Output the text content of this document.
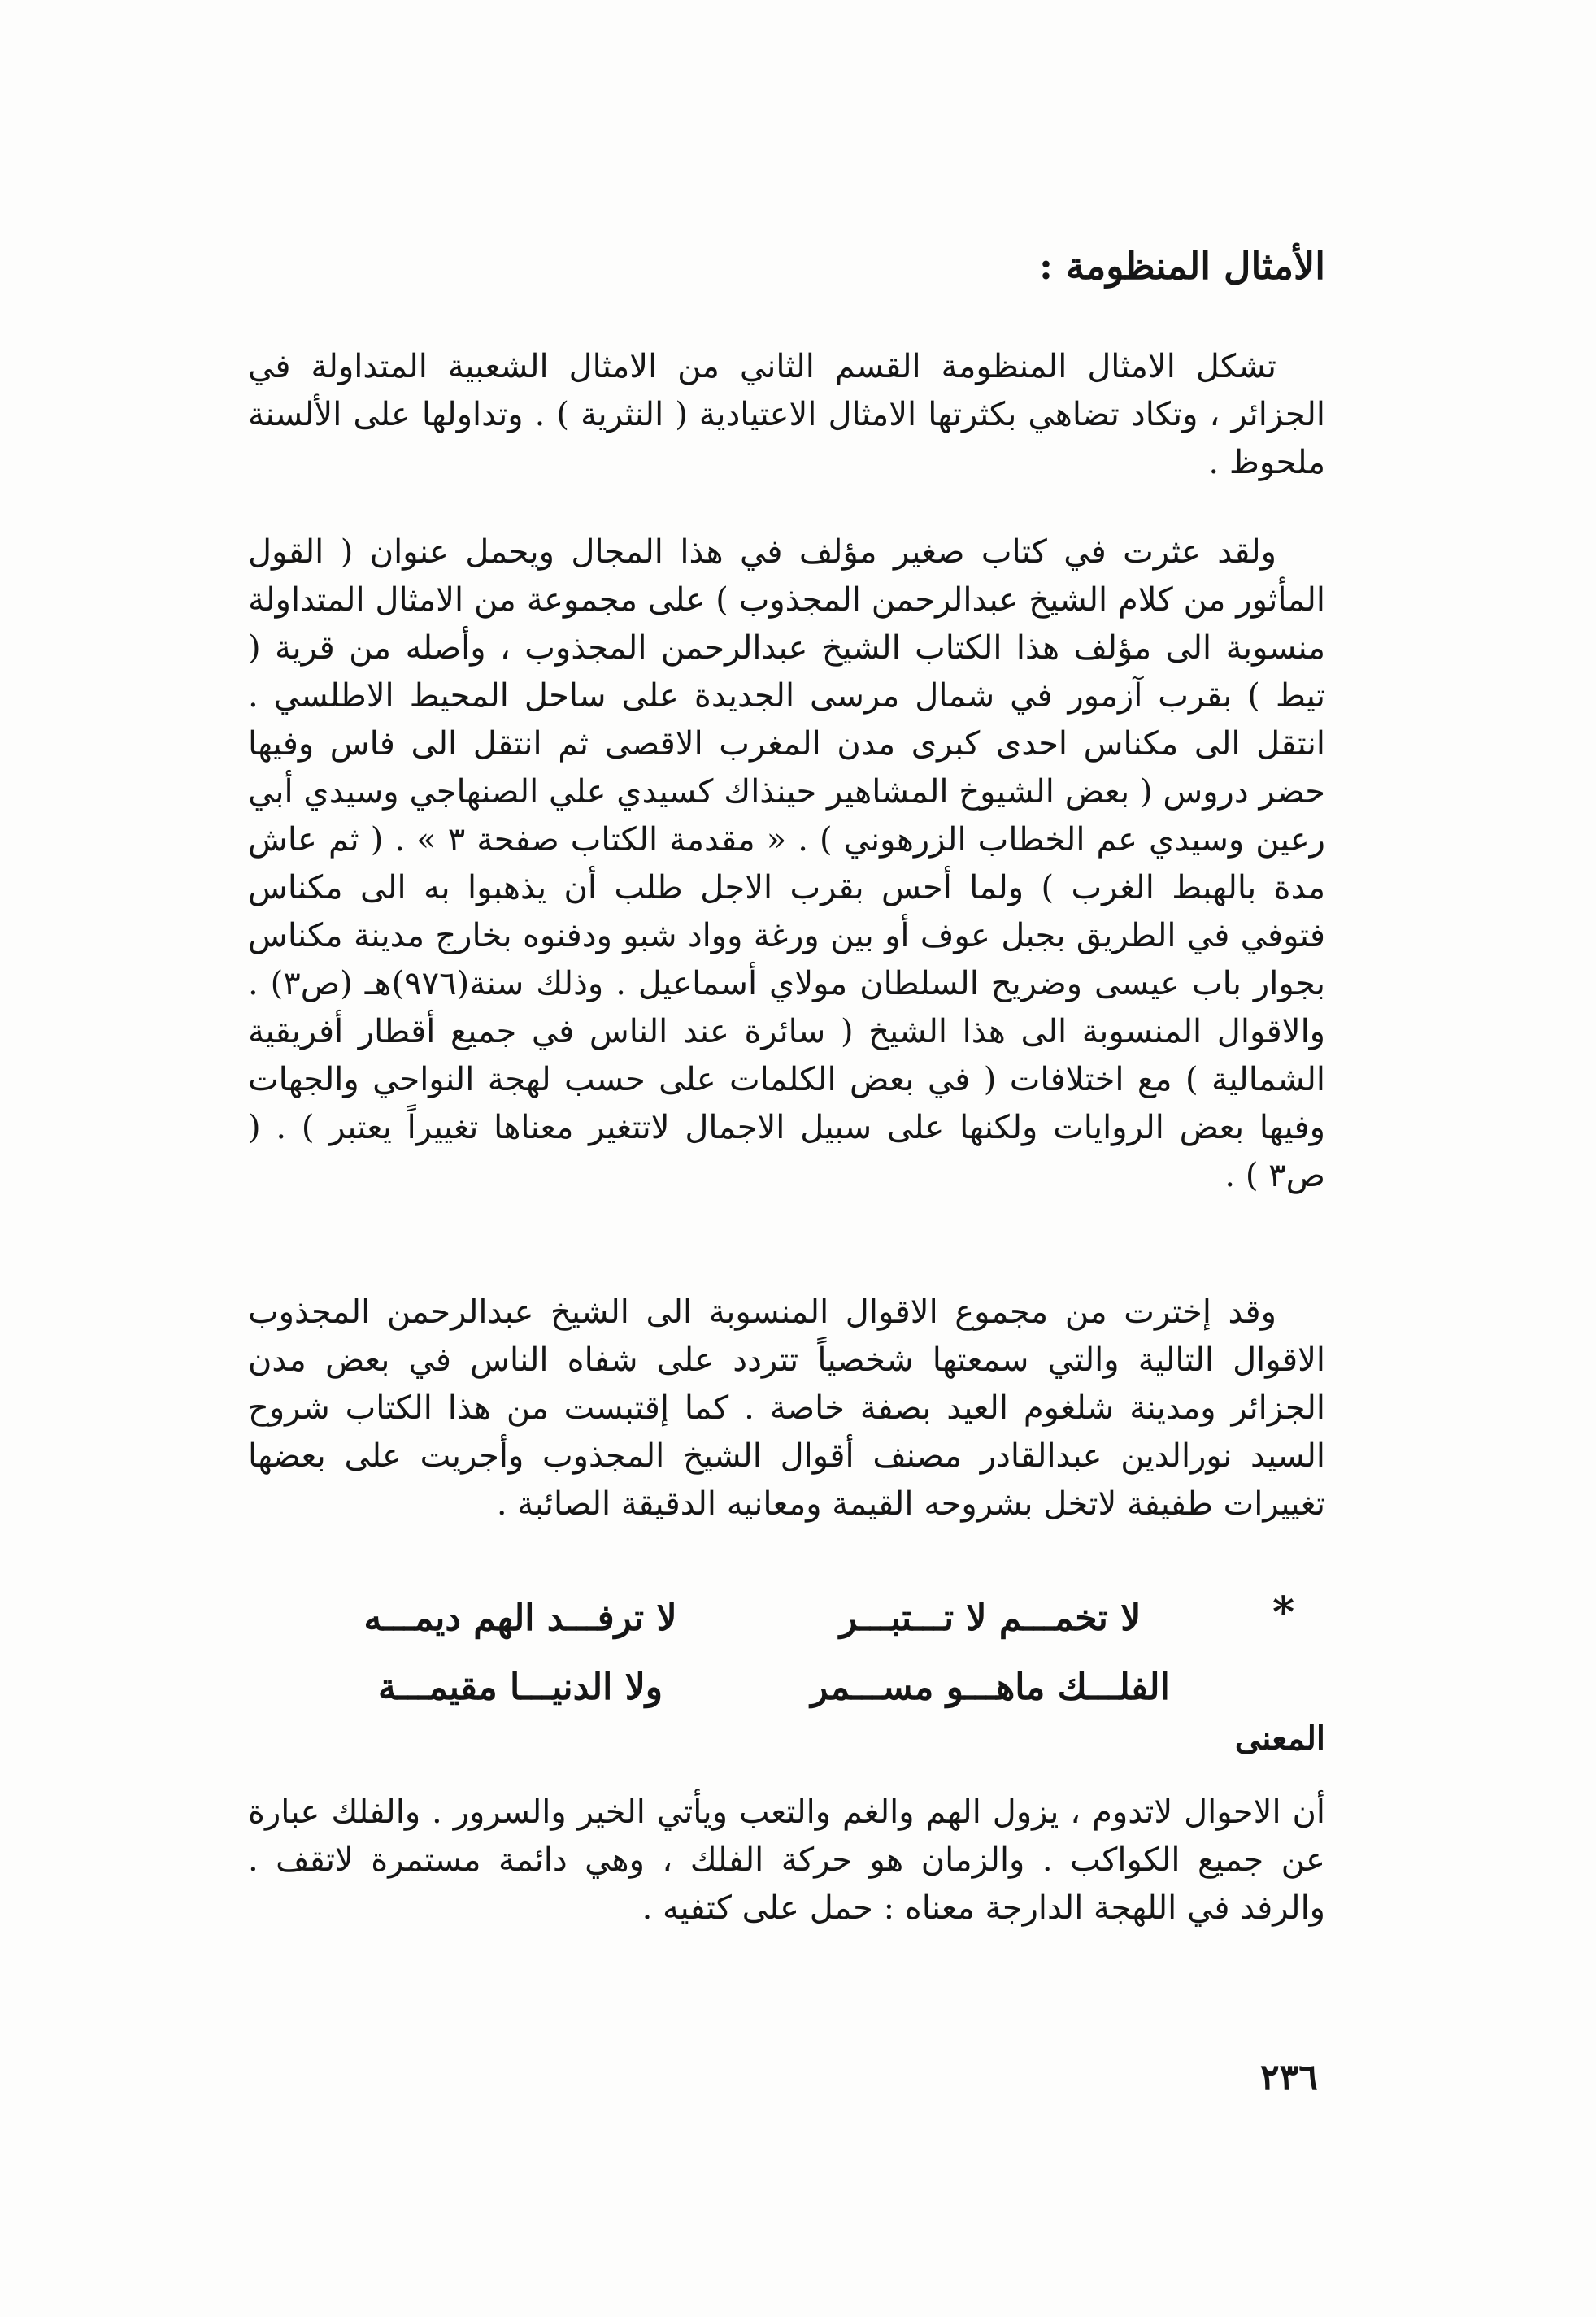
الأمثال المنظومة :

تشكل الامثال المنظومة القسم الثاني من الامثال الشعبية المتداولة في الجزائر ، وتكاد تضاهي بكثرتها الامثال الاعتيادية ( النثرية ) . وتداولها على الألسنة ملحوظ .

ولقد عثرت في كتاب صغير مؤلف في هذا المجال ويحمل عنوان ( القول المأثور من كلام الشيخ عبدالرحمن المجذوب ) على مجموعة من الامثال المتداولة منسوبة الى مؤلف هذا الكتاب الشيخ عبدالرحمن المجذوب ، وأصله من قرية ( تيط ) بقرب آزمور في شمال مرسى الجديدة على ساحل المحيط الاطلسي . انتقل الى مكناس احدى كبرى مدن المغرب الاقصى ثم انتقل الى فاس وفيها حضر دروس ( بعض الشيوخ المشاهير حينذاك كسيدي علي الصنهاجي وسيدي أبي رعين وسيدي عم الخطاب الزرهوني ) . « مقدمة الكتاب صفحة ٣ » . ( ثم عاش مدة بالهبط الغرب ) ولما أحس بقرب الاجل طلب أن يذهبوا به الى مكناس فتوفي في الطريق بجبل عوف أو بين ورغة وواد شبو ودفنوه بخارج مدينة مكناس بجوار باب عيسى وضريح السلطان مولاي أسماعيل . وذلك سنة(٩٧٦)هـ (ص٣) . والاقوال المنسوبة الى هذا الشيخ ( سائرة عند الناس في جميع أقطار أفريقية الشمالية ) مع اختلافات ( في بعض الكلمات على حسب لهجة النواحي والجهات وفيها بعض الروايات ولكنها على سبيل الاجمال لاتتغير معناها تغييراً يعتبر ) . ( ص٣ ) .

وقد إخترت من مجموع الاقوال المنسوبة الى الشيخ عبدالرحمن المجذوب الاقوال التالية والتي سمعتها شخصياً تتردد على شفاه الناس في بعض مدن الجزائر ومدينة شلغوم العيد بصفة خاصة . كما إقتبست من هذا الكتاب شروح السيد نورالدين عبدالقادر مصنف أقوال الشيخ المجذوب وأجريت على بعضها تغييرات طفيفة لاتخل بشروحه القيمة ومعانيه الدقيقة الصائبة .

*
لا تخمـــم لا تـــتبـــر
لا ترفـــد الهم ديمـــه
الفلـــك ماهـــو مســـمر
ولا الدنيـــا مقيمـــة
المعنى

أن الاحوال لاتدوم ، يزول الهم والغم والتعب ويأتي الخير والسرور . والفلك عبارة عن جميع الكواكب . والزمان هو حركة الفلك ، وهي دائمة مستمرة لاتقف . والرفد في اللهجة الدارجة معناه : حمل على كتفيه .

٢٣٦
